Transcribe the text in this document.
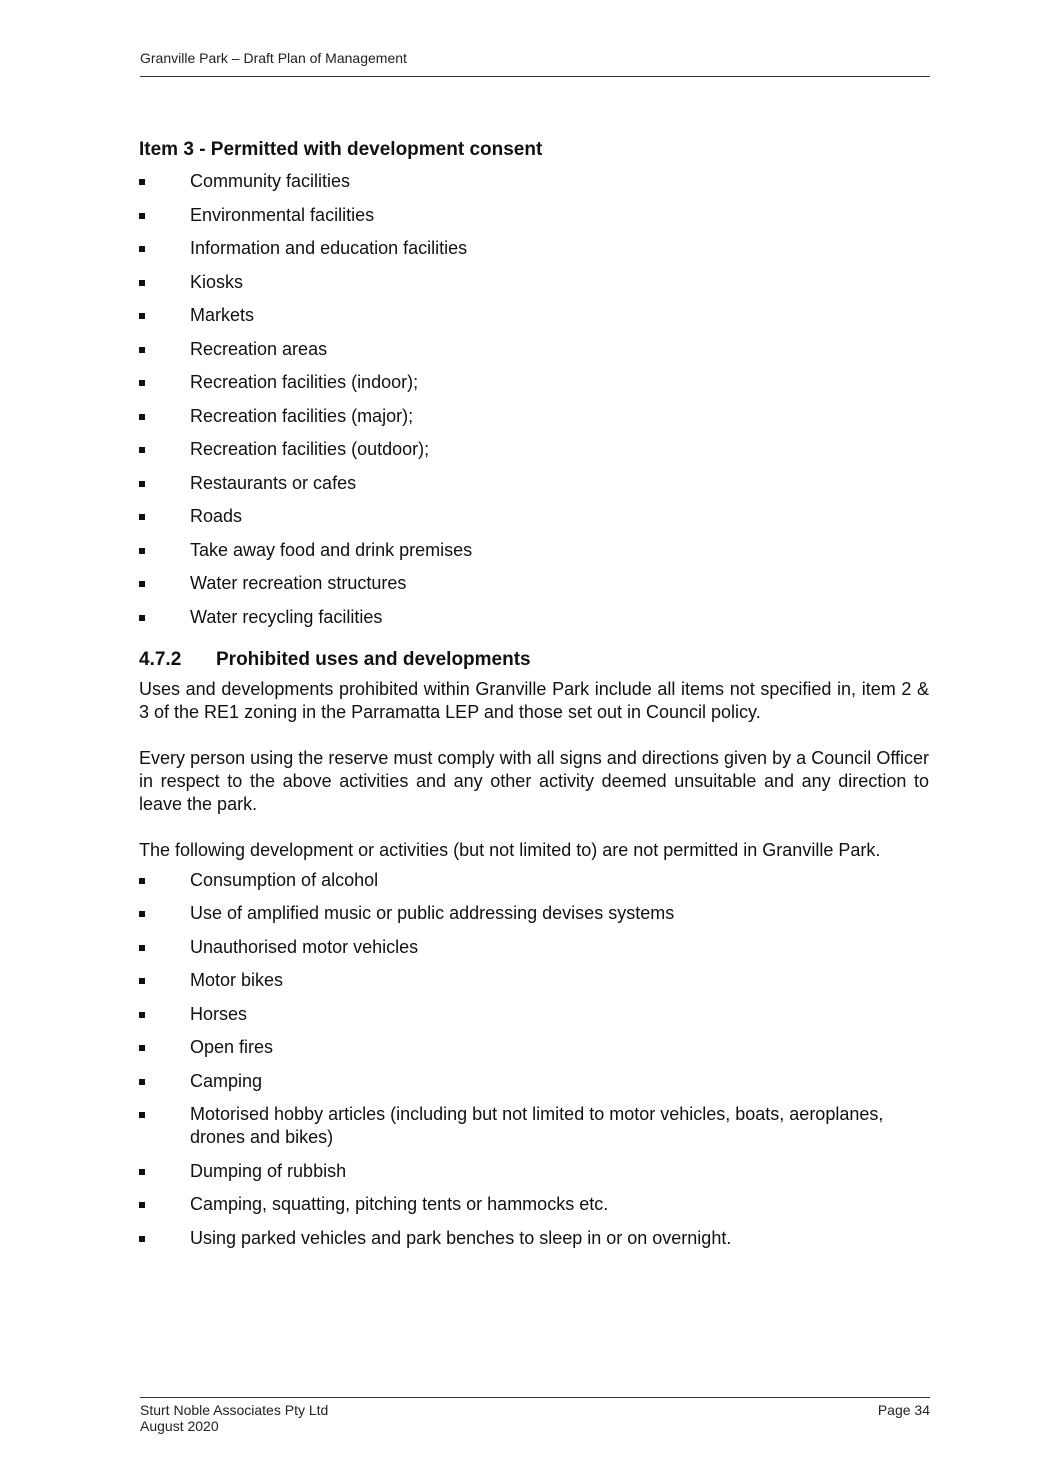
Granville Park – Draft Plan of Management
Item 3 - Permitted with development consent
Community facilities
Environmental facilities
Information and education facilities
Kiosks
Markets
Recreation areas
Recreation facilities (indoor);
Recreation facilities (major);
Recreation facilities (outdoor);
Restaurants or cafes
Roads
Take away food and drink premises
Water recreation structures
Water recycling facilities
4.7.2	Prohibited uses and developments

Uses and developments prohibited within Granville Park include all items not specified in, item 2 & 3 of the RE1 zoning in the Parramatta LEP and those set out in Council policy.

Every person using the reserve must comply with all signs and directions given by a Council Officer in respect to the above activities and any other activity deemed unsuitable and any direction to leave the park.

The following development or activities (but not limited to) are not permitted in Granville Park.

Consumption of alcohol
Use of amplified music or public addressing devises systems
Unauthorised motor vehicles
Motor bikes
Horses
Open fires
Camping
Motorised hobby articles (including but not limited to motor vehicles, boats, aeroplanes, drones and bikes)
Dumping of rubbish
Camping, squatting, pitching tents or hammocks etc.
Using parked vehicles and park benches to sleep in or on overnight.
Sturt Noble Associates Pty Ltd
August 2020
Page 34
